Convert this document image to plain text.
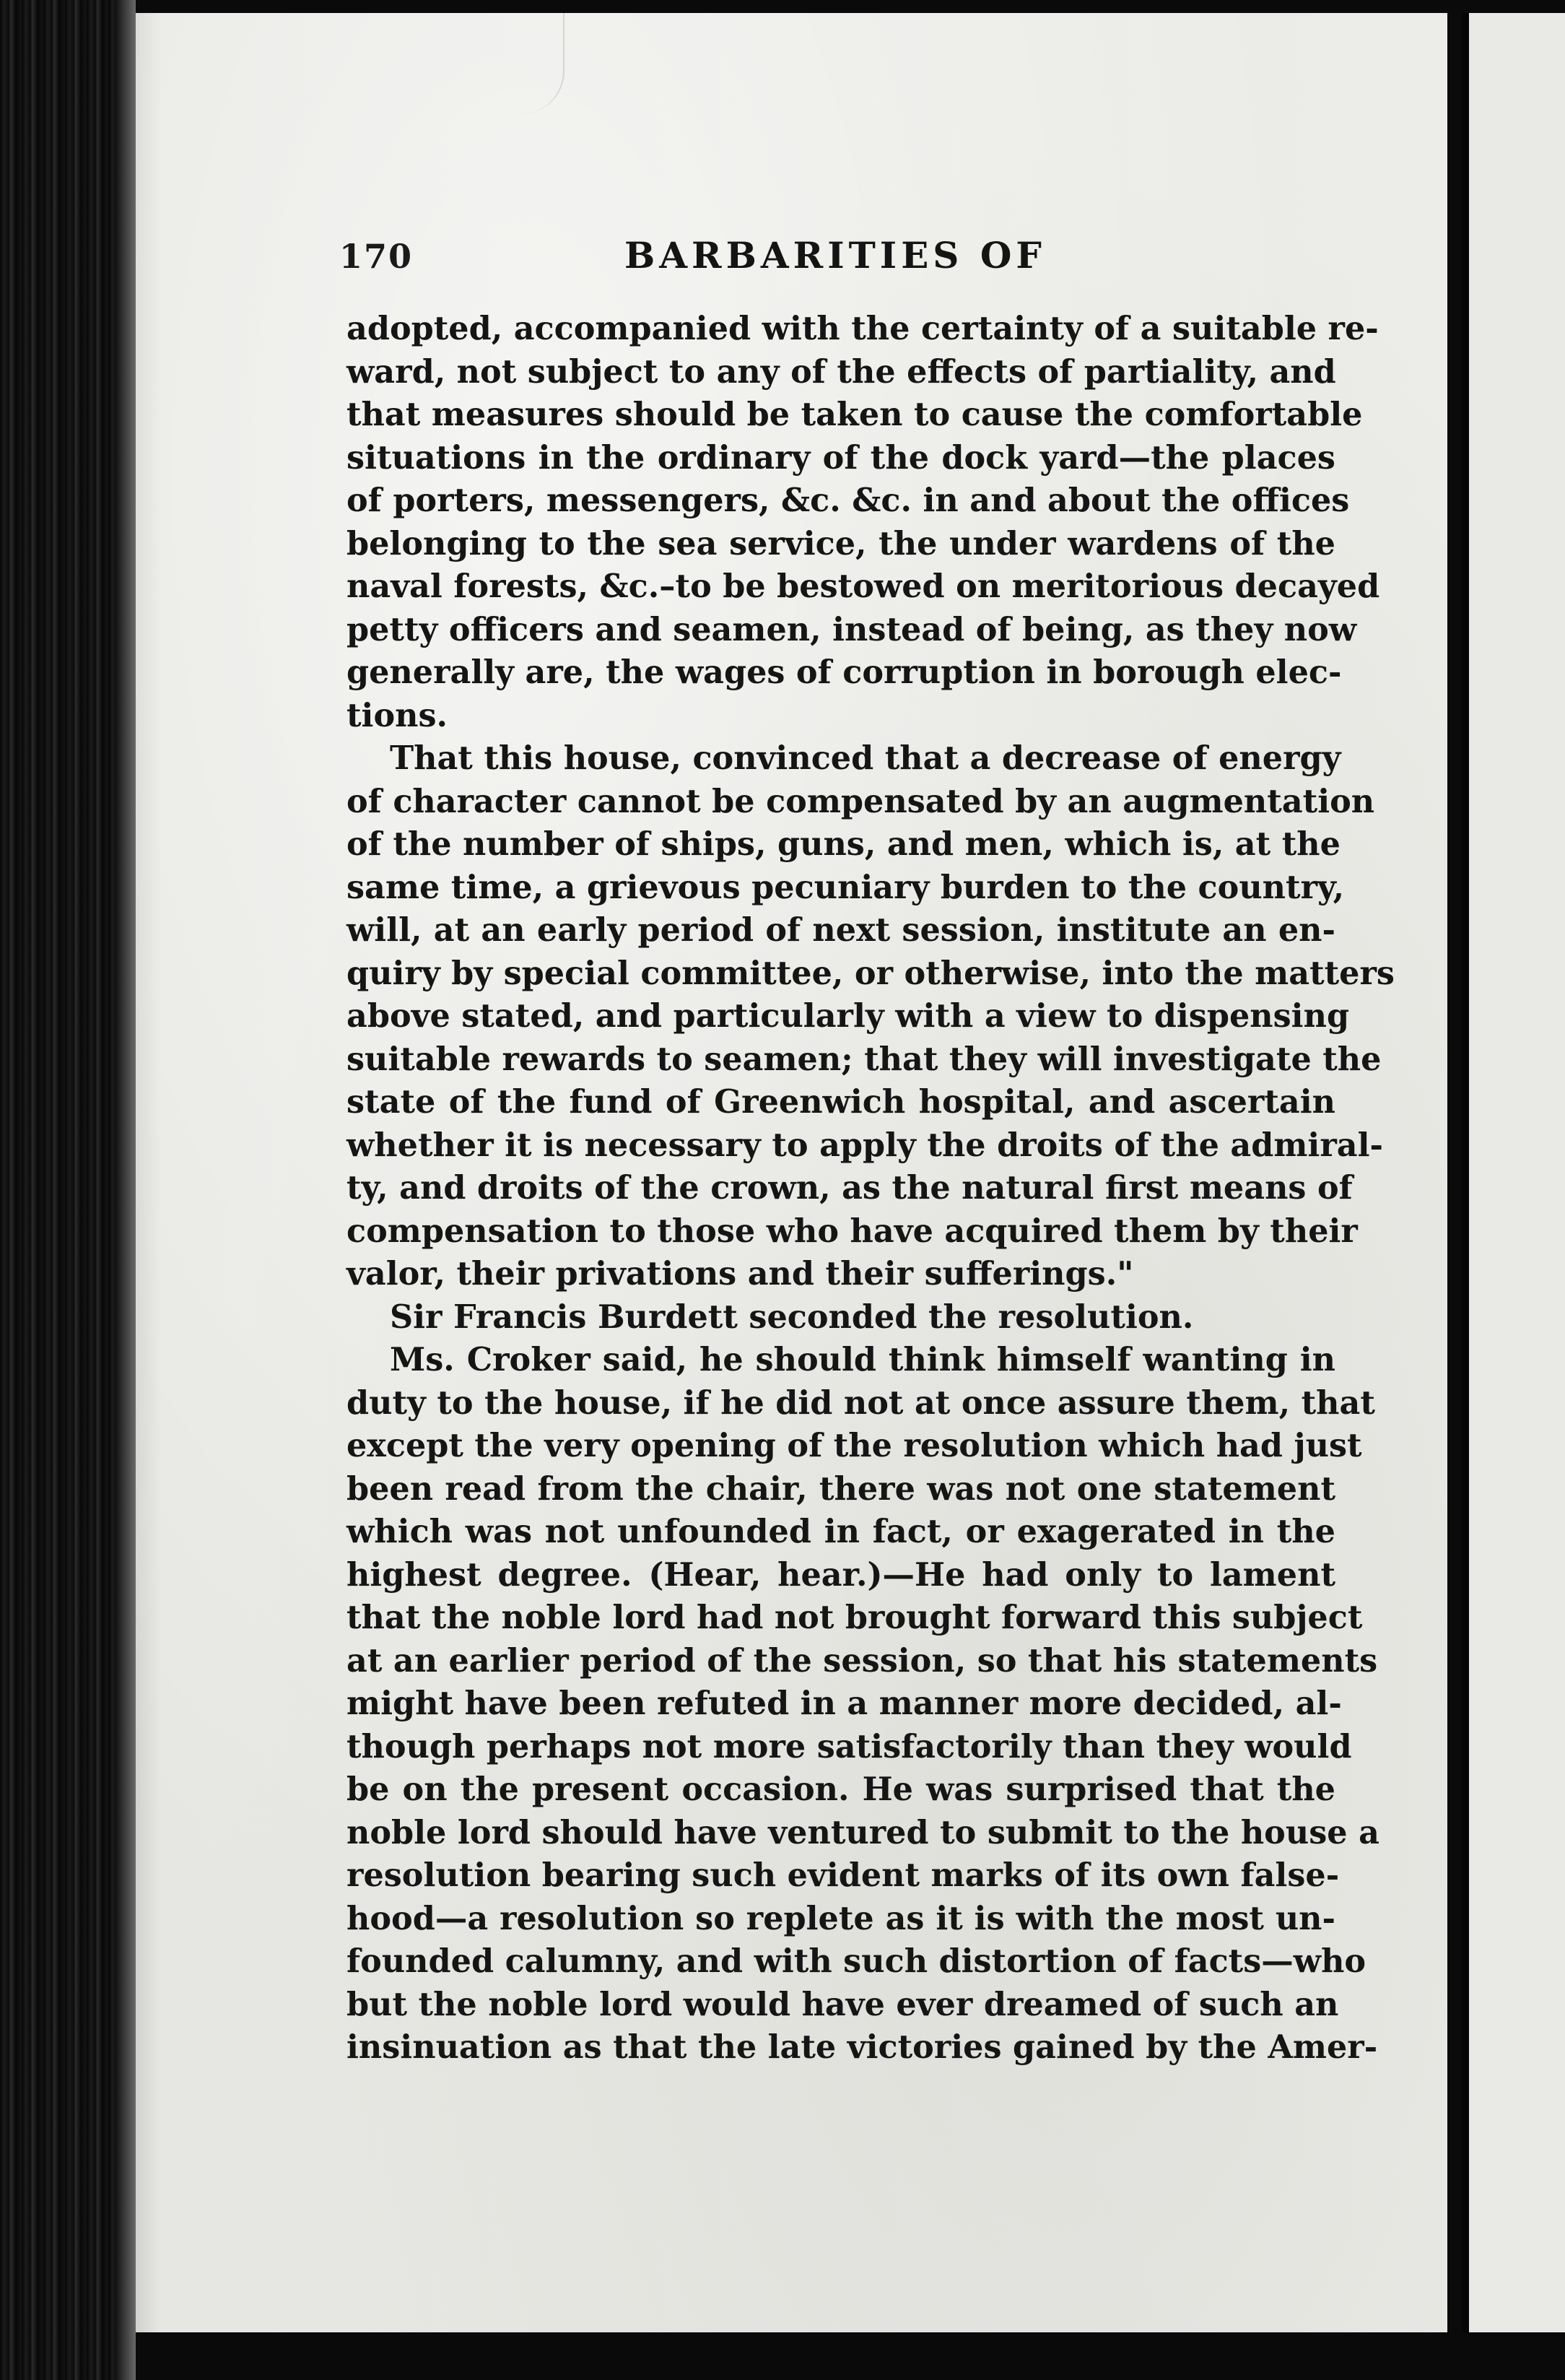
170	BARBARITIES OF
adopted, accompanied with the certainty of a suitable re-
ward, not subject to any of the effects of partiality, and
that measures should be taken to cause the comfortable
situations in the ordinary of the dock yard—the places
of porters, messengers, &c. &c. in and about the offices
belonging to the sea service, the under wardens of the
naval forests, &c.–to be bestowed on meritorious decayed
petty officers and seamen, instead of being, as they now
generally are, the wages of corruption in borough elec-
tions.
That this house, convinced that a decrease of energy
of character cannot be compensated by an augmentation
of the number of ships, guns, and men, which is, at the
same time, a grievous pecuniary burden to the country,
will, at an early period of next session, institute an en-
quiry by special committee, or otherwise, into the matters
above stated, and particularly with a view to dispensing
suitable rewards to seamen; that they will investigate the
state of the fund of Greenwich hospital, and ascertain
whether it is necessary to apply the droits of the admiral-
ty, and droits of the crown, as the natural first means of
compensation to those who have acquired them by their
valor, their privations and their sufferings."
Sir Francis Burdett seconded the resolution.
Ms. Croker said, he should think himself wanting in
duty to the house, if he did not at once assure them, that
except the very opening of the resolution which had just
been read from the chair, there was not one statement
which was not unfounded in fact, or exagerated in the
highest degree. (Hear, hear.)—He had only to lament
that the noble lord had not brought forward this subject
at an earlier period of the session, so that his statements
might have been refuted in a manner more decided, al-
though perhaps not more satisfactorily than they would
be on the present occasion. He was surprised that the
noble lord should have ventured to submit to the house a
resolution bearing such evident marks of its own false-
hood—a resolution so replete as it is with the most un-
founded calumny, and with such distortion of facts—who
but the noble lord would have ever dreamed of such an
insinuation as that the late victories gained by the Amer-
